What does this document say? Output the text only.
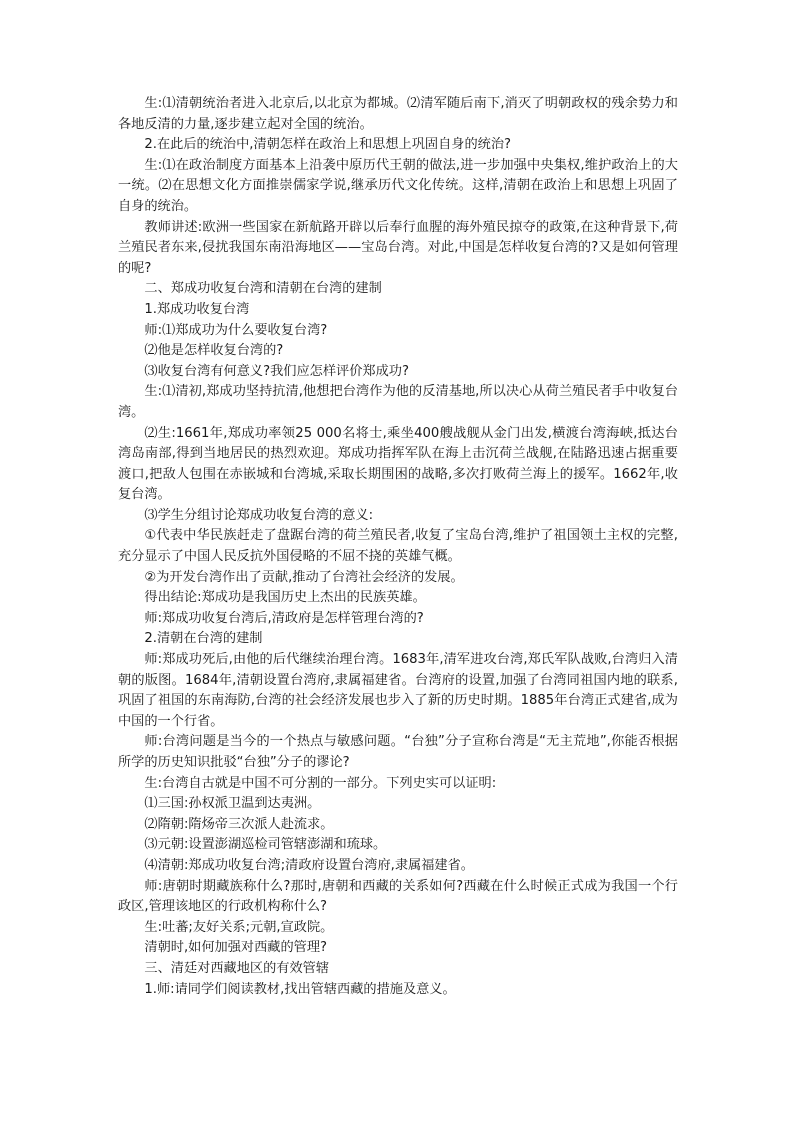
生:⑴清朝统治者进入北京后,以北京为都城。⑵清军随后南下,消灭了明朝政权的残余势力和各地反清的力量,逐步建立起对全国的统治。

2.在此后的统治中,清朝怎样在政治上和思想上巩固自身的统治?

生:⑴在政治制度方面基本上沿袭中原历代王朝的做法,进一步加强中央集权,维护政治上的大一统。⑵在思想文化方面推崇儒家学说,继承历代文化传统。这样,清朝在政治上和思想上巩固了自身的统治。

教师讲述:欧洲一些国家在新航路开辟以后奉行血腥的海外殖民掠夺的政策,在这种背景下,荷兰殖民者东来,侵扰我国东南沿海地区——宝岛台湾。对此,中国是怎样收复台湾的?又是如何管理的呢?

二、郑成功收复台湾和清朝在台湾的建制

1.郑成功收复台湾

师:⑴郑成功为什么要收复台湾?

⑵他是怎样收复台湾的?

⑶收复台湾有何意义?我们应怎样评价郑成功?

生:⑴清初,郑成功坚持抗清,他想把台湾作为他的反清基地,所以决心从荷兰殖民者手中收复台湾。

⑵生:1661年,郑成功率领25 000名将士,乘坐400艘战舰从金门出发,横渡台湾海峡,抵达台湾岛南部,得到当地居民的热烈欢迎。郑成功指挥军队在海上击沉荷兰战舰,在陆路迅速占据重要渡口,把敌人包围在赤嵌城和台湾城,采取长期围困的战略,多次打败荷兰海上的援军。1662年,收复台湾。

⑶学生分组讨论郑成功收复台湾的意义:

①代表中华民族赶走了盘踞台湾的荷兰殖民者,收复了宝岛台湾,维护了祖国领土主权的完整,充分显示了中国人民反抗外国侵略的不屈不挠的英雄气概。

②为开发台湾作出了贡献,推动了台湾社会经济的发展。

得出结论:郑成功是我国历史上杰出的民族英雄。

师:郑成功收复台湾后,清政府是怎样管理台湾的?

2.清朝在台湾的建制

师:郑成功死后,由他的后代继续治理台湾。1683年,清军进攻台湾,郑氏军队战败,台湾归入清朝的版图。1684年,清朝设置台湾府,隶属福建省。台湾府的设置,加强了台湾同祖国内地的联系,巩固了祖国的东南海防,台湾的社会经济发展也步入了新的历史时期。1885年台湾正式建省,成为中国的一个行省。

师:台湾问题是当今的一个热点与敏感问题。“台独”分子宣称台湾是“无主荒地”,你能否根据所学的历史知识批驳“台独”分子的谬论?

生:台湾自古就是中国不可分割的一部分。下列史实可以证明:

⑴三国:孙权派卫温到达夷洲。

⑵隋朝:隋炀帝三次派人赴流求。

⑶元朝:设置澎湖巡检司管辖澎湖和琉球。

⑷清朝:郑成功收复台湾;清政府设置台湾府,隶属福建省。

师:唐朝时期藏族称什么?那时,唐朝和西藏的关系如何?西藏在什么时候正式成为我国一个行政区,管理该地区的行政机构称什么?

生:吐蕃;友好关系;元朝,宣政院。

清朝时,如何加强对西藏的管理?

三、清廷对西藏地区的有效管辖

1.师:请同学们阅读教材,找出管辖西藏的措施及意义。
